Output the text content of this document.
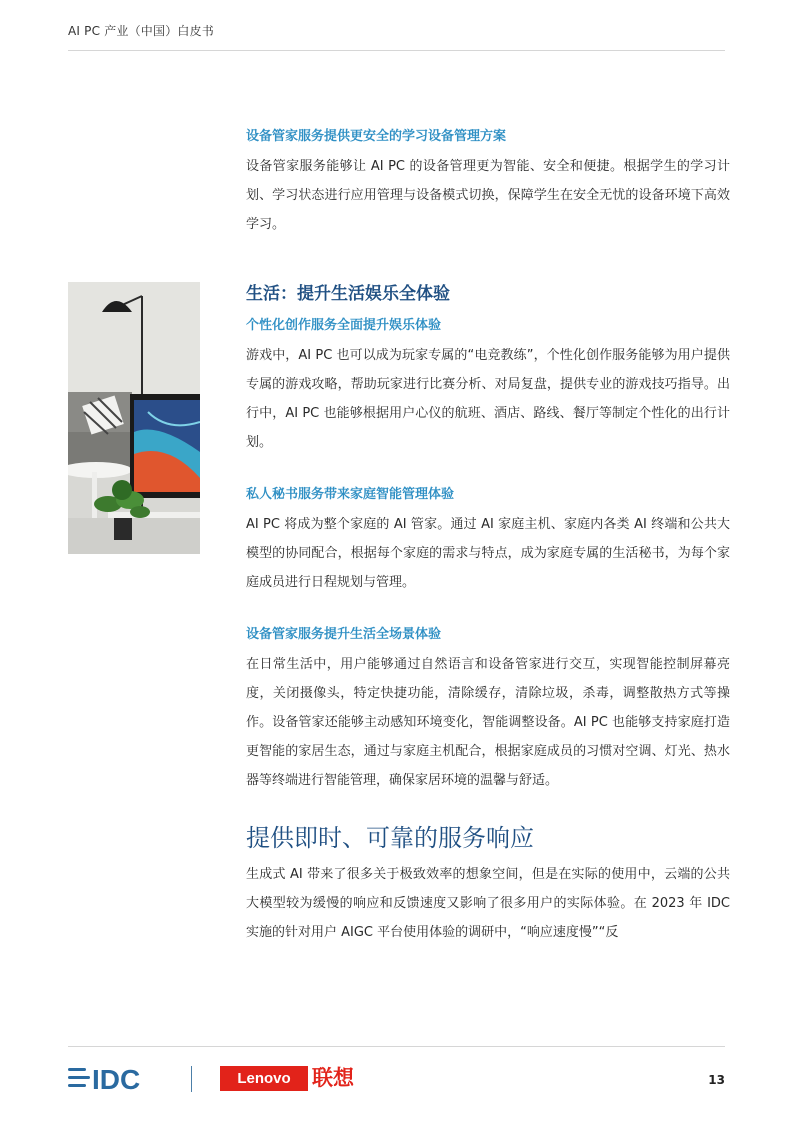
AI PC 产业（中国）白皮书
设备管家服务提供更安全的学习设备管理方案

设备管家服务能够让 AI PC 的设备管理更为智能、安全和便捷。根据学生的学习计划、学习状态进行应用管理与设备模式切换，保障学生在安全无忧的设备环境下高效学习。

生活：提升生活娱乐全体验
个性化创作服务全面提升娱乐体验

游戏中，AI PC 也可以成为玩家专属的“电竞教练”，个性化创作服务能够为用户提供专属的游戏攻略，帮助玩家进行比赛分析、对局复盘，提供专业的游戏技巧指导。出行中，AI PC 也能够根据用户心仪的航班、酒店、路线、餐厅等制定个性化的出行计划。

私人秘书服务带来家庭智能管理体验

AI PC 将成为整个家庭的 AI 管家。通过 AI 家庭主机、家庭内各类 AI 终端和公共大模型的协同配合，根据每个家庭的需求与特点，成为家庭专属的生活秘书，为每个家庭成员进行日程规划与管理。

设备管家服务提升生活全场景体验

在日常生活中，用户能够通过自然语言和设备管家进行交互，实现智能控制屏幕亮度，关闭摄像头，特定快捷功能，清除缓存，清除垃圾，杀毒，调整散热方式等操作。设备管家还能够主动感知环境变化，智能调整设备。AI PC 也能够支持家庭打造更智能的家居生态，通过与家庭主机配合，根据家庭成员的习惯对空调、灯光、热水器等终端进行智能管理，确保家居环境的温馨与舒适。

提供即时、可靠的服务响应

生成式 AI 带来了很多关于极致效率的想象空间，但是在实际的使用中，云端的公共大模型较为缓慢的响应和反馈速度又影响了很多用户的实际体验。在 2023 年 IDC 实施的针对用户 AIGC 平台使用体验的调研中，“响应速度慢”“反

IDC	Lenovo	联想	13
